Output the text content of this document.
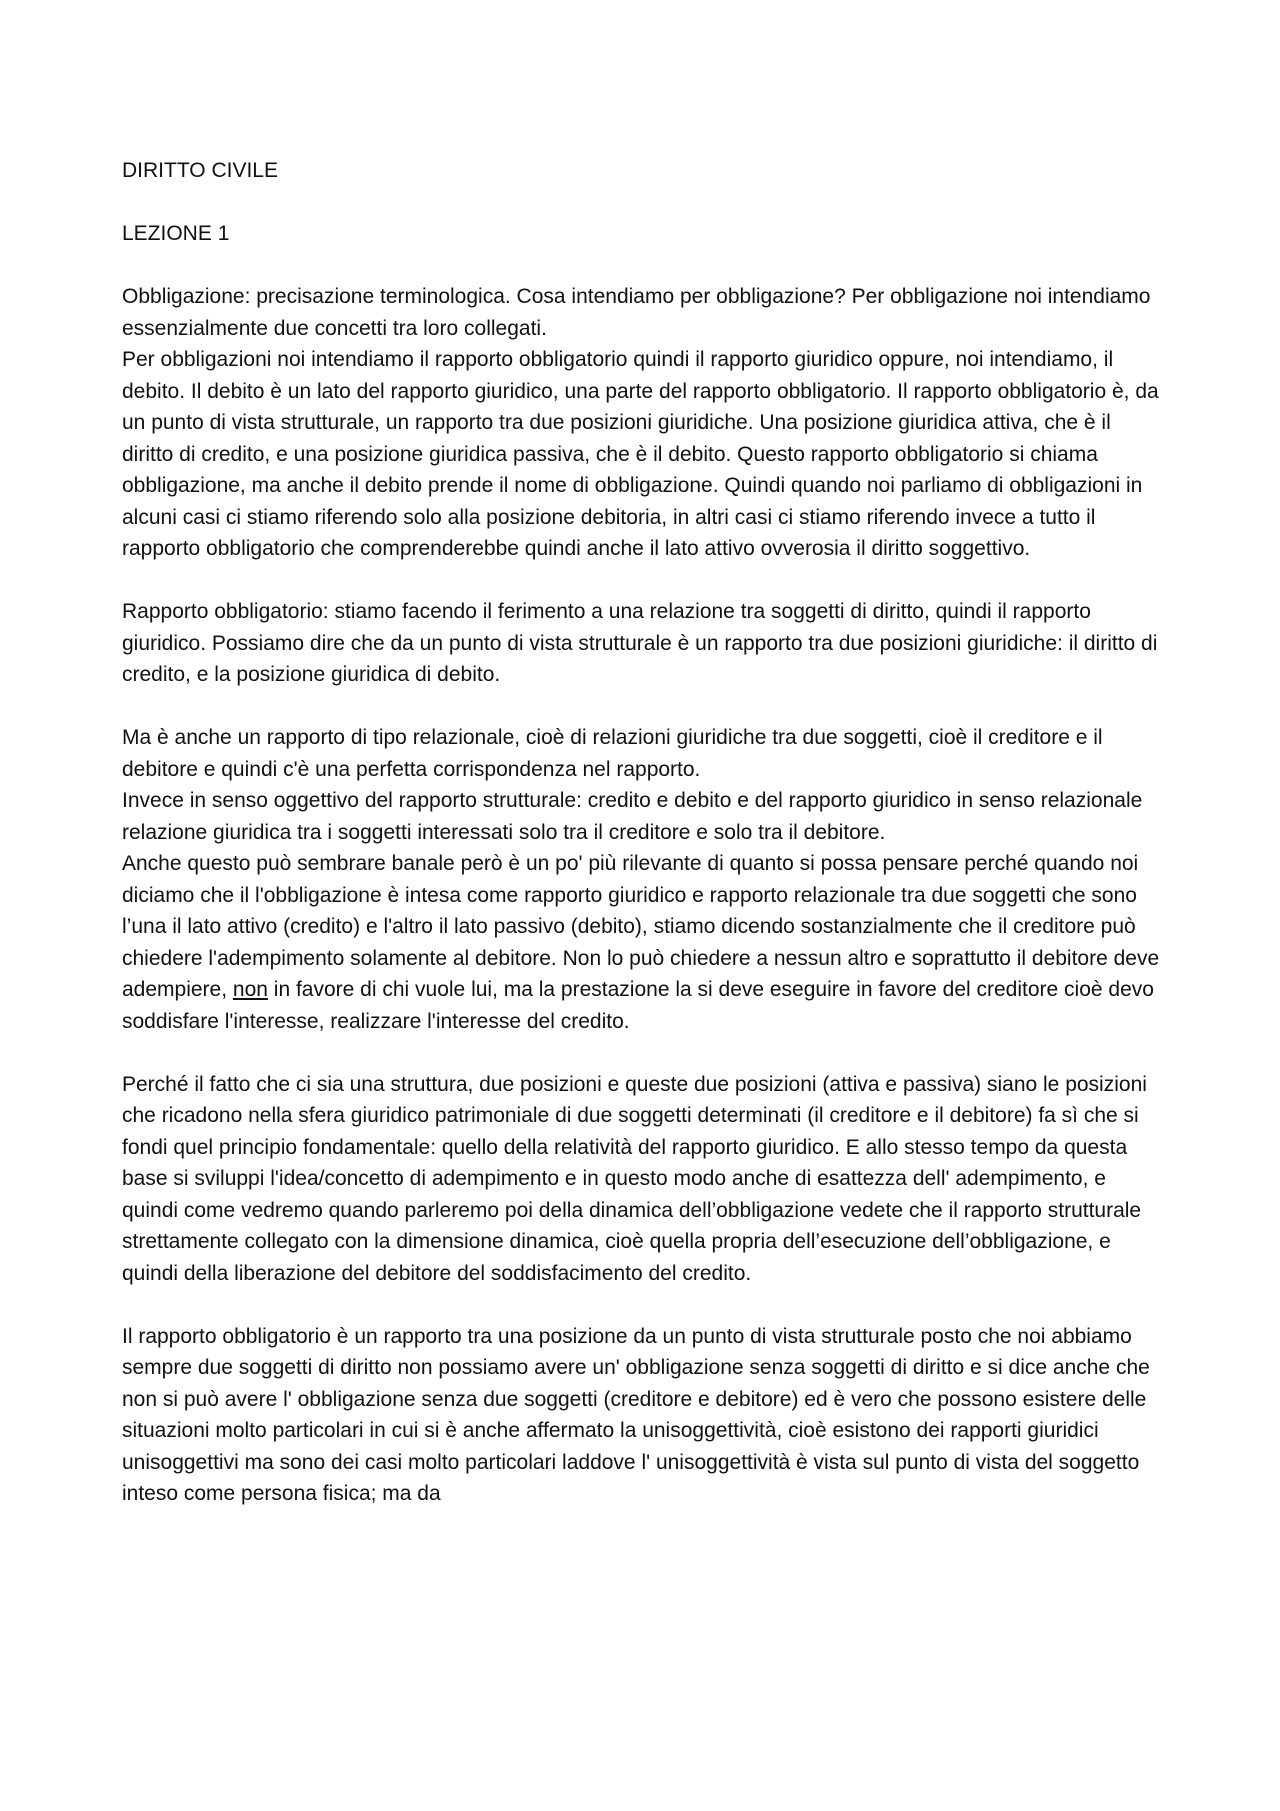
DIRITTO CIVILE

LEZIONE 1

Obbligazione: precisazione terminologica. Cosa intendiamo per obbligazione? Per obbligazione noi intendiamo essenzialmente due concetti tra loro collegati.

Per obbligazioni noi intendiamo il rapporto obbligatorio quindi il rapporto giuridico oppure, noi intendiamo, il debito. Il debito è un lato del rapporto giuridico, una parte del rapporto obbligatorio. Il rapporto obbligatorio è, da un punto di vista strutturale, un rapporto tra due posizioni giuridiche. Una posizione giuridica attiva, che è il diritto di credito, e una posizione giuridica passiva, che è il debito. Questo rapporto obbligatorio si chiama obbligazione, ma anche il debito prende il nome di obbligazione. Quindi quando noi parliamo di obbligazioni in alcuni casi ci stiamo riferendo solo alla posizione debitoria, in altri casi ci stiamo riferendo invece a tutto il rapporto obbligatorio che comprenderebbe quindi anche il lato attivo ovverosia il diritto soggettivo.

Rapporto obbligatorio: stiamo facendo il ferimento a una relazione tra soggetti di diritto, quindi il rapporto giuridico. Possiamo dire che da un punto di vista strutturale è un rapporto tra due posizioni giuridiche: il diritto di credito, e la posizione giuridica di debito.

Ma è anche un rapporto di tipo relazionale, cioè di relazioni giuridiche tra due soggetti, cioè il creditore e il debitore e quindi c'è una perfetta corrispondenza nel rapporto.

Invece in senso oggettivo del rapporto strutturale: credito e debito e del rapporto giuridico in senso relazionale relazione giuridica tra i soggetti interessati solo tra il creditore e solo tra il debitore.

Anche questo può sembrare banale però è un po' più rilevante di quanto si possa pensare perché quando noi diciamo che il l'obbligazione è intesa come rapporto giuridico e rapporto relazionale tra due soggetti che sono l’una il lato attivo (credito) e l'altro il lato passivo (debito), stiamo dicendo sostanzialmente che il creditore può chiedere l'adempimento solamente al debitore. Non lo può chiedere a nessun altro e soprattutto il debitore deve adempiere, non in favore di chi vuole lui, ma la prestazione la si deve eseguire in favore del creditore cioè devo soddisfare l'interesse, realizzare l'interesse del credito.

Perché il fatto che ci sia una struttura, due posizioni e queste due posizioni (attiva e passiva) siano le posizioni che ricadono nella sfera giuridico patrimoniale di due soggetti determinati (il creditore e il debitore) fa sì che si fondi quel principio fondamentale: quello della relatività del rapporto giuridico. E allo stesso tempo da questa base si sviluppi l'idea/concetto di adempimento e in questo modo anche di esattezza dell' adempimento, e quindi come vedremo quando parleremo poi della dinamica dell’obbligazione vedete che il rapporto strutturale strettamente collegato con la dimensione dinamica, cioè quella propria dell’esecuzione dell’obbligazione, e quindi della liberazione del debitore del soddisfacimento del credito.

Il rapporto obbligatorio è un rapporto tra una posizione da un punto di vista strutturale posto che noi abbiamo sempre due soggetti di diritto non possiamo avere un' obbligazione senza soggetti di diritto e si dice anche che non si può avere l' obbligazione senza due soggetti (creditore e debitore) ed è vero che possono esistere delle situazioni molto particolari in cui si è anche affermato la unisoggettività, cioè esistono dei rapporti giuridici unisoggettivi ma sono dei casi molto particolari laddove l' unisoggettività è vista sul punto di vista del soggetto inteso come persona fisica; ma da
